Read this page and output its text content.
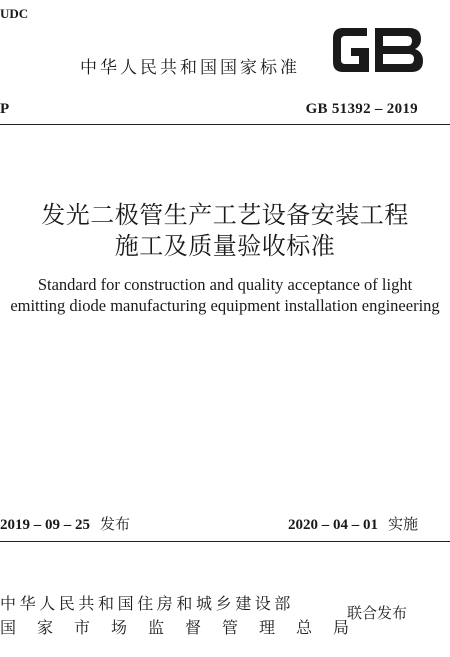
UDC
中华人民共和国国家标准
P	GB 51392 – 2019
发光二极管生产工艺设备安装工程
施工及质量验收标准
Standard for construction and quality acceptance of light
emitting diode manufacturing equipment installation engineering
2019 – 09 – 25 发布	2020 – 04 – 01 实施
中华人民共和国住房和城乡建设部
国家市场监督管理总局
联合发布
